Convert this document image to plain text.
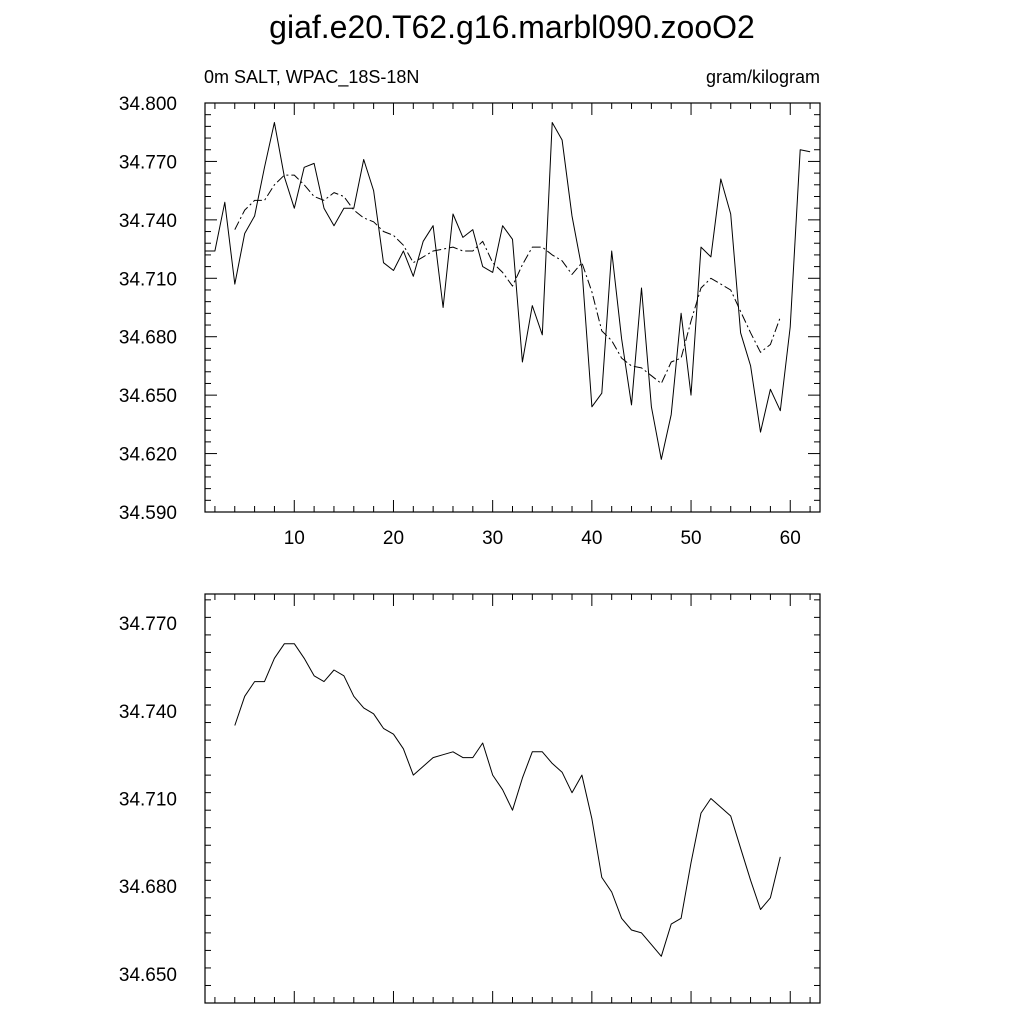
giaf.e20.T62.g16.marbl090.zooO2
0m SALT, WPAC_18S-18N	gram/kilogram
10	20	30	40	50	60
34.590
34.620
34.650
34.680
34.710
34.740
34.770
34.800
34.650
34.680
34.710
34.740
34.770
